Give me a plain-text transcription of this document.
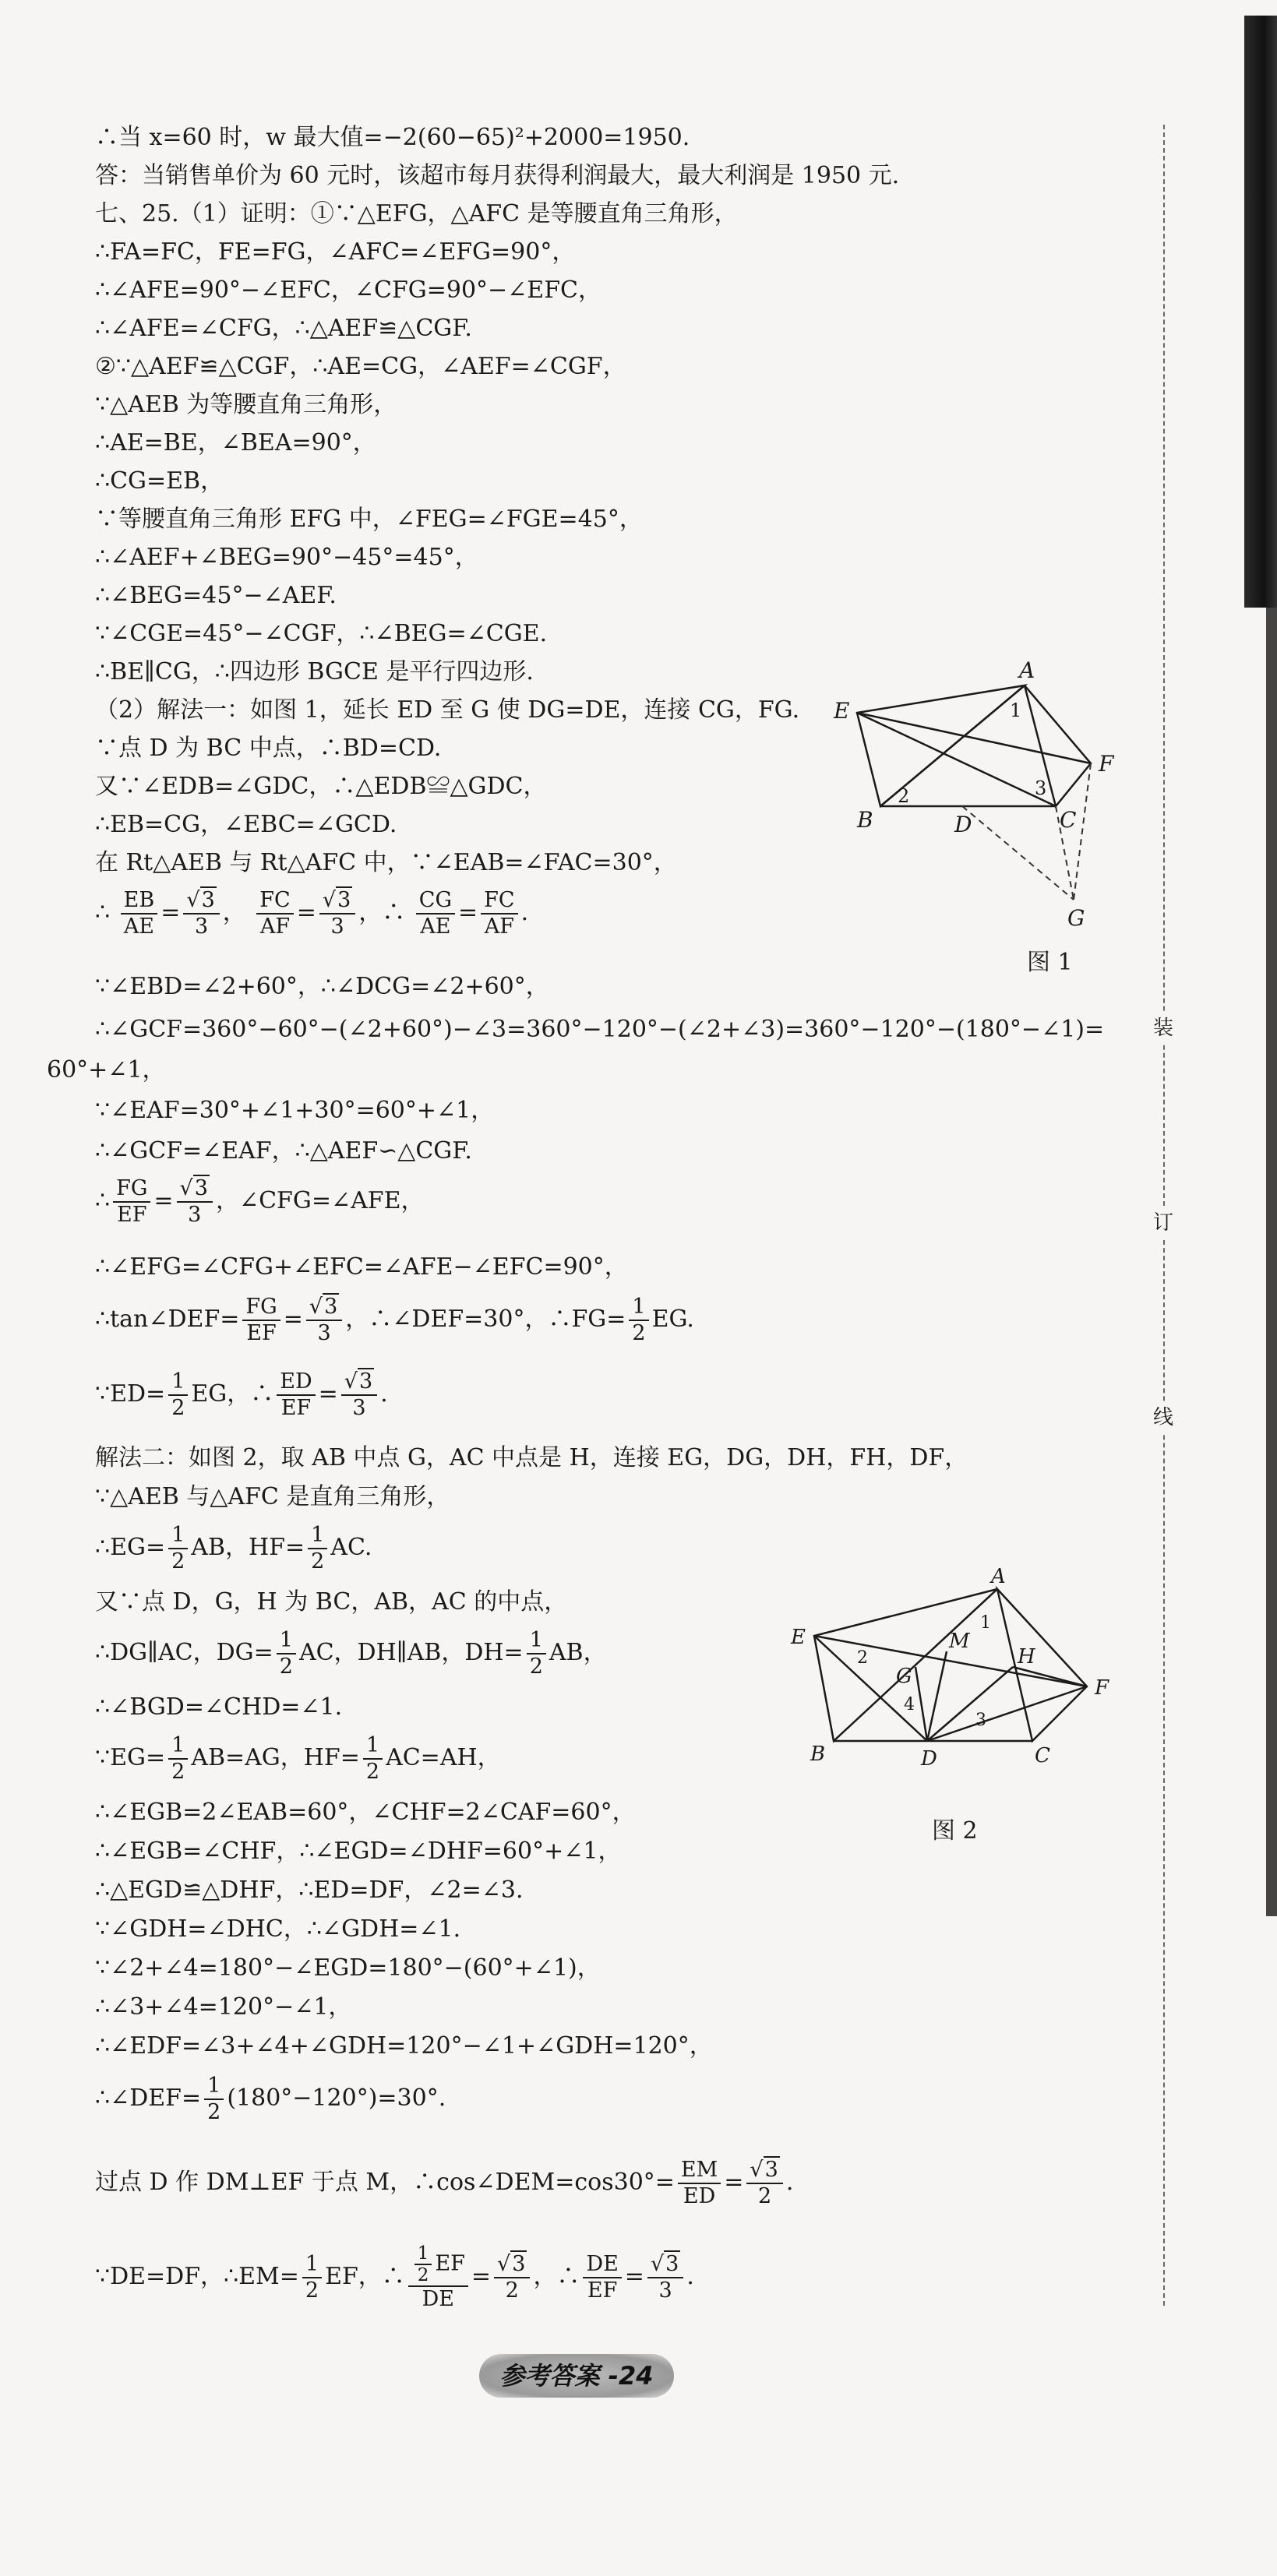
装
订
线
∴当 x=60 时，w 最大值=−2(60−65)²+2000=1950.
答：当销售单价为 60 元时，该超市每月获得利润最大，最大利润是 1950 元.
七、25.（1）证明：①∵△EFG，△AFC 是等腰直角三角形，
∴FA=FC，FE=FG，∠AFC=∠EFG=90°，
∴∠AFE=90°−∠EFC，∠CFG=90°−∠EFC，
∴∠AFE=∠CFG，∴△AEF≌△CGF.
②∵△AEF≌△CGF，∴AE=CG，∠AEF=∠CGF，
∵△AEB 为等腰直角三角形，
∴AE=BE，∠BEA=90°，
∴CG=EB，
∵等腰直角三角形 EFG 中，∠FEG=∠FGE=45°，
∴∠AEF+∠BEG=90°−45°=45°，
∴∠BEG=45°−∠AEF.
∵∠CGE=45°−∠CGF，∴∠BEG=∠CGE.
∴BE∥CG，∴四边形 BGCE 是平行四边形.
（2）解法一：如图 1，延长 ED 至 G 使 DG=DE，连接 CG，FG.
∵点 D 为 BC 中点，∴BD=CD.
又∵∠EDB=∠GDC，∴△EDB≌△GDC，
∴EB=CG，∠EBC=∠GCD.
在 Rt△AEB 与 Rt△AFC 中，∵∠EAB=∠FAC=30°，
∴ $\frac{EB}{AE} = \frac{√3}{3}$ ， $\frac{FC}{AF} = \frac{√3}{3}$ ，∴ $\frac{CG}{AE} = \frac{FC}{AF}$ .
∵∠EBD=∠2+60°，∴∠DCG=∠2+60°，
∴∠GCF=360°−60°−(∠2+60°)−∠3=360°−120°−(∠2+∠3)=360°−120°−(180°−∠1)=
60°+∠1，
∵∠EAF=30°+∠1+30°=60°+∠1，
∴∠GCF=∠EAF，∴△AEF∽△CGF.
∴ $\frac{FG}{EF} = \frac{√3}{3}$ ，∠CFG=∠AFE，
∴∠EFG=∠CFG+∠EFC=∠AFE−∠EFC=90°，
∴tan∠DEF= $\frac{FG}{EF} = \frac{√3}{3}$ ，∴∠DEF=30°，∴FG= $\frac{1}{2}$ EG.
∵ED= $\frac{1}{2}$ EG，∴ $\frac{ED}{EF} = \frac{√3}{3}$ .
解法二：如图 2，取 AB 中点 G，AC 中点是 H，连接 EG，DG，DH，FH，DF，
∵△AEB 与△AFC 是直角三角形，
∴EG= $\frac{1}{2}$ AB，$HF= \frac{1}{2}$ AC.
又∵点 D，G，H 为 BC，AB，AC 的中点，
∴DG∥AC，$DG= \frac{1}{2}$ AC，DH∥AB，$DH= \frac{1}{2}$ AB，
∴∠BGD=∠CHD=∠1.
∵EG= $\frac{1}{2} AB=AG$，$HF= \frac{1}{2} AC=AH$，
∴∠EGB=2∠EAB=60°，∠CHF=2∠CAF=60°，
∴∠EGB=∠CHF，∴∠EGD=∠DHF=60°+∠1，
∴△EGD≌△DHF，∴ED=DF，∠2=∠3.
∵∠GDH=∠DHC，∴∠GDH=∠1.
∵∠2+∠4=180°−∠EGD=180°−(60°+∠1)，
∴∠3+∠4=120°−∠1，
∴∠EDF=∠3+∠4+∠GDH=120°−∠1+∠GDH=120°，
∴∠DEF= $\frac{1}{2} (180^\circ-120^\circ)=30^\circ$.
过点 D 作 DM⊥EF 于点 M，∴cos∠DEM=cos30°= $\frac{EM}{ED} = \frac{√3}{2}$ .
∵DE=DF，∴EM= $\frac{1}{2}$ EF，∴ $\frac{\frac{1}{2} EF}{DE} = \frac{√3}{2}$ ，∴ $\frac{DE}{EF} = \frac{√3}{3}$ .
A
E
F
B	D	C
G
1
2	3
图 1
A
E
F
B	D	C
G
M
H
1
2
3
4
图 2
参考答案 -24
